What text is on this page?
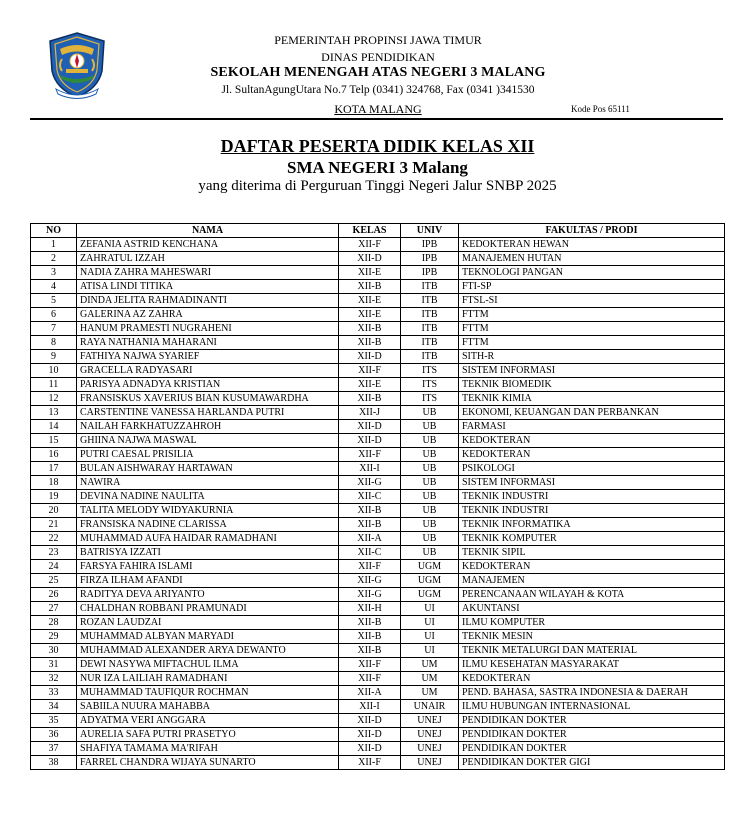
PEMERINTAH PROPINSI JAWA TIMUR
DINAS PENDIDIKAN
SEKOLAH MENENGAH ATAS NEGERI 3 MALANG
Jl. SultanAgungUtara No.7 Telp (0341) 324768, Fax (0341 )341530
KOTA MALANG	Kode Pos 65111
DAFTAR PESERTA DIDIK KELAS XII
SMA NEGERI 3 Malang
yang diterima di Perguruan Tinggi Negeri Jalur SNBP 2025
NO	NAMA	KELAS	UNIV	FAKULTAS / PRODI
1	ZEFANIA ASTRID KENCHANA	XII-F	IPB	KEDOKTERAN HEWAN
2	ZAHRATUL IZZAH	XII-D	IPB	MANAJEMEN HUTAN
3	NADIA ZAHRA MAHESWARI	XII-E	IPB	TEKNOLOGI PANGAN
4	ATISA LINDI TITIKA	XII-B	ITB	FTI-SP
5	DINDA JELITA RAHMADINANTI	XII-E	ITB	FTSL-SI
6	GALERINA AZ ZAHRA	XII-E	ITB	FTTM
7	HANUM PRAMESTI NUGRAHENI	XII-B	ITB	FTTM
8	RAYA NATHANIA MAHARANI	XII-B	ITB	FTTM
9	FATHIYA NAJWA SYARIEF	XII-D	ITB	SITH-R
10	GRACELLA RADYASARI	XII-F	ITS	SISTEM INFORMASI
11	PARISYA ADNADYA KRISTIAN	XII-E	ITS	TEKNIK BIOMEDIK
12	FRANSISKUS XAVERIUS BIAN KUSUMAWARDHA	XII-B	ITS	TEKNIK KIMIA
13	CARSTENTINE VANESSA HARLANDA PUTRI	XII-J	UB	EKONOMI, KEUANGAN DAN PERBANKAN
14	NAILAH FARKHATUZZAHROH	XII-D	UB	FARMASI
15	GHIINA NAJWA MASWAL	XII-D	UB	KEDOKTERAN
16	PUTRI CAESAL PRISILIA	XII-F	UB	KEDOKTERAN
17	BULAN AISHWARAY HARTAWAN	XII-I	UB	PSIKOLOGI
18	NAWIRA	XII-G	UB	SISTEM INFORMASI
19	DEVINA NADINE NAULITA	XII-C	UB	TEKNIK INDUSTRI
20	TALITA MELODY WIDYAKURNIA	XII-B	UB	TEKNIK INDUSTRI
21	FRANSISKA NADINE CLARISSA	XII-B	UB	TEKNIK INFORMATIKA
22	MUHAMMAD AUFA HAIDAR RAMADHANI	XII-A	UB	TEKNIK KOMPUTER
23	BATRISYA IZZATI	XII-C	UB	TEKNIK SIPIL
24	FARSYA FAHIRA ISLAMI	XII-F	UGM	KEDOKTERAN
25	FIRZA ILHAM AFANDI	XII-G	UGM	MANAJEMEN
26	RADITYA DEVA ARIYANTO	XII-G	UGM	PERENCANAAN WILAYAH & KOTA
27	CHALDHAN ROBBANI PRAMUNADI	XII-H	UI	AKUNTANSI
28	ROZAN LAUDZAI	XII-B	UI	ILMU KOMPUTER
29	MUHAMMAD ALBYAN MARYADI	XII-B	UI	TEKNIK MESIN
30	MUHAMMAD ALEXANDER ARYA DEWANTO	XII-B	UI	TEKNIK METALURGI DAN MATERIAL
31	DEWI NASYWA MIFTACHUL ILMA	XII-F	UM	ILMU KESEHATAN MASYARAKAT
32	NUR IZA LAILIAH RAMADHANI	XII-F	UM	KEDOKTERAN
33	MUHAMMAD TAUFIQUR ROCHMAN	XII-A	UM	PEND. BAHASA, SASTRA INDONESIA & DAERAH
34	SABIILA NUURA MAHABBA	XII-I	UNAIR	ILMU HUBUNGAN INTERNASIONAL
35	ADYATMA VERI ANGGARA	XII-D	UNEJ	PENDIDIKAN DOKTER
36	AURELIA SAFA PUTRI PRASETYO	XII-D	UNEJ	PENDIDIKAN DOKTER
37	SHAFIYA TAMAMA MA'RIFAH	XII-D	UNEJ	PENDIDIKAN DOKTER
38	FARREL CHANDRA WIJAYA SUNARTO	XII-F	UNEJ	PENDIDIKAN DOKTER GIGI
